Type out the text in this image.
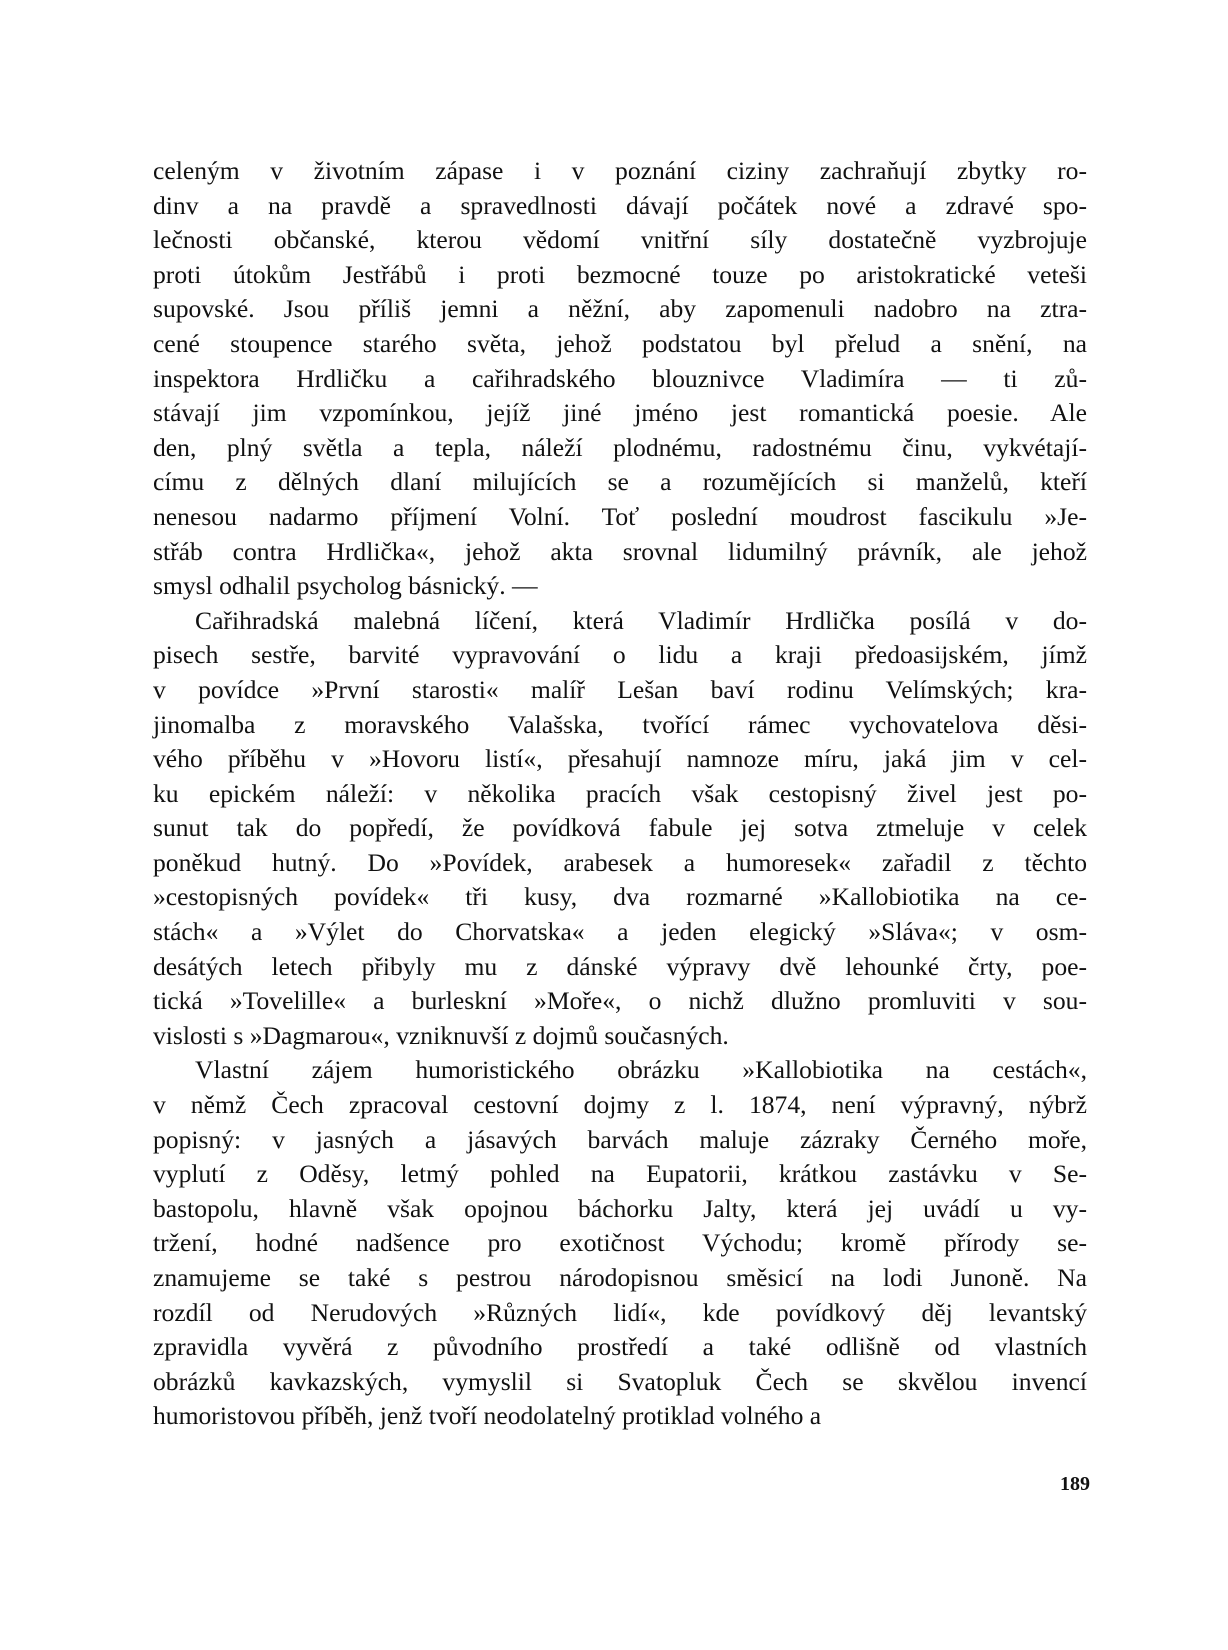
celeným v životním zápase i v poznání ciziny zachraňují zbytky ro-
dinv a na pravdě a spravedlnosti dávají počátek nové a zdravé spo-
lečnosti občanské, kterou vědomí vnitřní síly dostatečně vyzbrojuje
proti útokům Jestřábů i proti bezmocné touze po aristokratické veteši
supovské. Jsou příliš jemni a něžní, aby zapomenuli nadobro na ztra-
cené stoupence starého světa, jehož podstatou byl přelud a snění, na
inspektora Hrdličku a cařihradského blouznivce Vladimíra — ti zů-
stávají jim vzpomínkou, jejíž jiné jméno jest romantická poesie. Ale
den, plný světla a tepla, náleží plodnému, radostnému činu, vykvétají-
címu z dělných dlaní milujících se a rozumějících si manželů, kteří
nenesou nadarmo příjmení Volní. Toť poslední moudrost fascikulu »Je-
střáb contra Hrdlička«, jehož akta srovnal lidumilný právník, ale jehož
smysl odhalil psycholog básnický. —
Cařihradská malebná líčení, která Vladimír Hrdlička posílá v do-
pisech sestře, barvité vypravování o lidu a kraji předoasijském, jímž
v povídce »První starosti« malíř Lešan baví rodinu Velímských; kra-
jinomalba z moravského Valašska, tvořící rámec vychovatelova děsi-
vého příběhu v »Hovoru listí«, přesahují namnoze míru, jaká jim v cel-
ku epickém náleží: v několika pracích však cestopisný živel jest po-
sunut tak do popředí, že povídková fabule jej sotva ztmeluje v celek
poněkud hutný. Do »Povídek, arabesek a humoresek« zařadil z těchto
»cestopisných povídek« tři kusy, dva rozmarné »Kallobiotika na ce-
stách« a »Výlet do Chorvatska« a jeden elegický »Sláva«; v osm-
desátých letech přibyly mu z dánské výpravy dvě lehounké črty, poe-
tická »Tovelille« a burleskní »Moře«, o nichž dlužno promluviti v sou-
vislosti s »Dagmarou«, vzniknuvší z dojmů současných.
Vlastní zájem humoristického obrázku »Kallobiotika na cestách«,
v němž Čech zpracoval cestovní dojmy z l. 1874, není výpravný, nýbrž
popisný: v jasných a jásavých barvách maluje zázraky Černého moře,
vyplutí z Oděsy, letmý pohled na Eupatorii, krátkou zastávku v Se-
bastopolu, hlavně však opojnou báchorku Jalty, která jej uvádí u vy-
tržení, hodné nadšence pro exotičnost Východu; kromě přírody se-
znamujeme se také s pestrou národopisnou směsicí na lodi Junoně. Na
rozdíl od Nerudových »Různých lidí«, kde povídkový děj levantský
zpravidla vyvěrá z původního prostředí a také odlišně od vlastních
obrázků kavkazských, vymyslil si Svatopluk Čech se skvělou invencí
humoristovou příběh, jenž tvoří neodolatelný protiklad volného a
189
